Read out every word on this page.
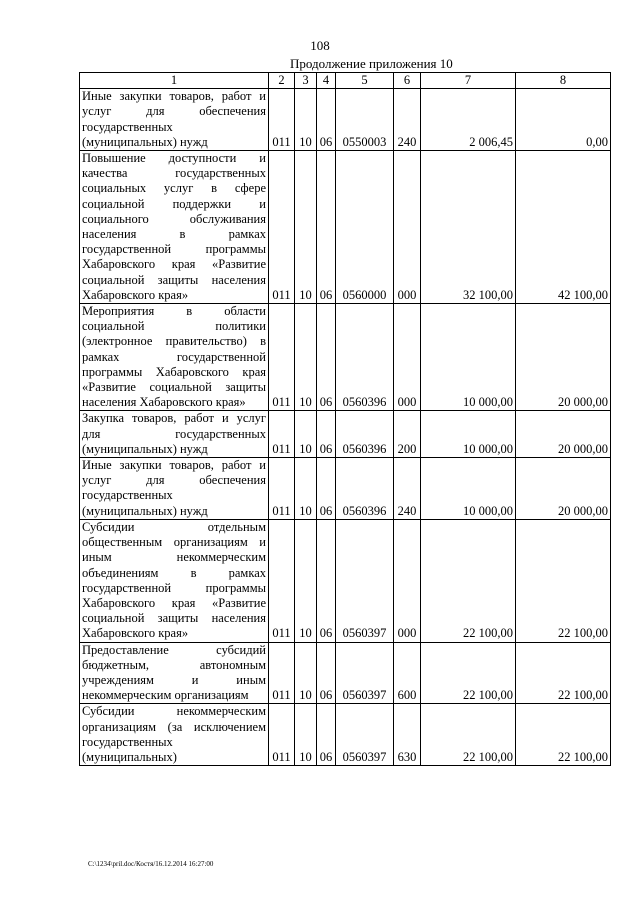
108
Продолжение приложения 10
1	2	3	4	5	6	7	8
Иные закупки товаров, работ и услуг для обеспечения государственных (муниципальных) нужд	011	10	06	0550003	240	2 006,45	0,00
Повышение доступности и качества государственных социальных услуг в сфере социальной поддержки и социального обслуживания населения в рамках государственной программы Хабаровского края «Развитие социальной защиты населения Хабаровского края»	011	10	06	0560000	000	32 100,00	42 100,00
Мероприятия в области социальной политики (электронное правительство) в рамках государственной программы Хабаровского края «Развитие социальной защиты населения Хабаровского края»	011	10	06	0560396	000	10 000,00	20 000,00
Закупка товаров, работ и услуг для государственных (муниципальных) нужд	011	10	06	0560396	200	10 000,00	20 000,00
Иные закупки товаров, работ и услуг для обеспечения государственных (муниципальных) нужд	011	10	06	0560396	240	10 000,00	20 000,00
Субсидии отдельным общественным организациям и иным некоммерческим объединениям в рамках государственной программы Хабаровского края «Развитие социальной защиты населения Хабаровского края»	011	10	06	0560397	000	22 100,00	22 100,00
Предоставление субсидий бюджетным, автономным учреждениям и иным некоммерческим организациям	011	10	06	0560397	600	22 100,00	22 100,00
Субсидии некоммерческим организациям (за исключением государственных (муниципальных)	011	10	06	0560397	630	22 100,00	22 100,00
C:\1234\pril.doc/Костя/16.12.2014 16:27:00
